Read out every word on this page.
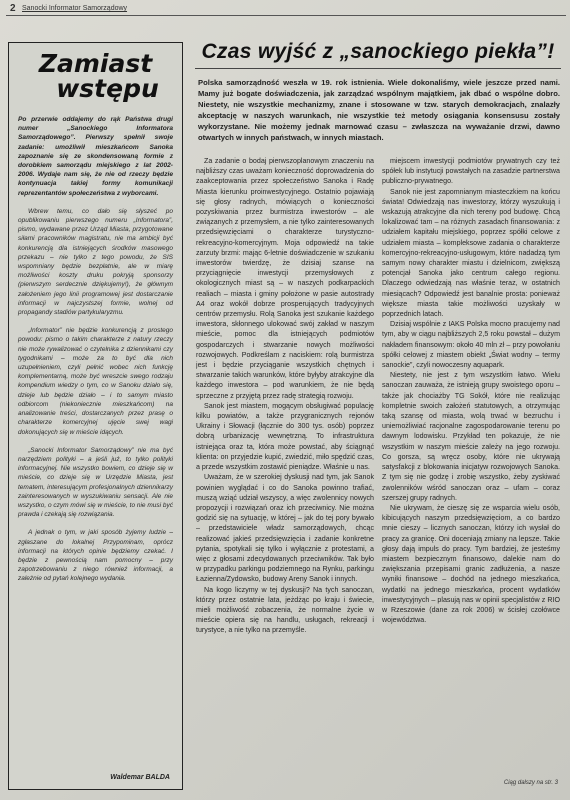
2 Sanocki Informator Samorządowy
Zamiast
wstępu
Po przerwie oddajemy do rąk Państwa drugi numer „Sanockiego Informatora Samorządowego”. Pierwszy spełnił swoje zadanie: umożliwił mieszkańcom Sanoka zapoznanie się ze skondensowaną formie z dorobkiem samorządu miejskiego z lat 2002-2006. Wydaje nam się, że nie od rzeczy będzie kontynuacja takiej formy komunikacji reprezentantów społeczeństwa z wyborcami.
Wbrew temu, co dało się słyszeć po opublikowaniu pierwszego numeru „Informatora”, pismo, wydawane przez Urząd Miasta, przygotowane siłami pracowników magistratu, nie ma ambicji być konkurencją dla istniejących środków masowego przekazu – nie tylko z tego powodu, że SIS wspomniany będzie bezpłatnie, ale w miarę możliwości koszty druku pokryją sponsorzy (pierwszym serdecznie dziękujemy!), że głównym założeniem jego linii programowej jest dostarczanie informacji w najczystszej formie, wolnej od propagandy stadiów partykularyzmu.
„Informator” nie będzie konkurencją z prostego powodu: pismo o takim charakterze z natury rzeczy nie może rywalizować o czytelnika z dziennikami czy tygodnikami – może za to być dla nich uzupełnieniem, czyli pełnić wobec nich funkcję komplementarną, może być wreszcie swego rodzaju kompendium wiedzy o tym, co w Sanoku działo się, dzieje lub będzie działo – i to samym miasto odbiorcom (niekoniecznie mieszkańcom) na analizowanie treści, dostarczanych przez prasę o charakterze komercyjnej ujęcie swej wagi dokonujących się w mieście idących.
„Sanocki Informator Samorządowy” nie ma być narzędziem polityki – a jeśli już, to tylko polityki informacyjnej. Nie wszystko bowiem, co dzieje się w mieście, co dzieje się w Urzędzie Miasta, jest tematem, interesującym profesjonalnych dziennikarzy zainteresowanych w wyszukiwaniu sensacji. Ale nie wszystko, o czym mówi się w mieście, to nie musi być prawda i czekają się rozwiązania.
A jednak o tym, w jaki sposób żyjemy ludzie – zgłaszane do lokalnej Przypominam, oprócz informacji na których opinie będziemy czekać. I będzie z pewnością nam pomocny – przy zapotrzebowaniu z niego również informacji, a zależnie od pytań kolejnego wydania.
Waldemar BALDA
Czas wyjść z „sanockiego piekła”!
Polska samorządność weszła w 19. rok istnienia. Wiele dokonaliśmy, wiele jeszcze przed nami. Mamy już bogate doświadczenia, jak zarządzać wspólnym majątkiem, jak dbać o wspólne dobro. Niestety, nie wszystkie mechanizmy, znane i stosowane w tzw. starych demokracjach, znalazły akceptację w naszych warunkach, nie wszystkie też metody osiągania konsensusu zostały wykorzystane. Nie możemy jednak marnować czasu – zwłaszcza na wyważanie drzwi, dawno otwartych w innych państwach, w innych miastach.

Za zadanie o bodaj pierwszoplanowym znaczeniu na najbliższy czas uważam konieczność doprowadzenia do zaakceptowania przez społeczeństwo Sanoka i Radę Miasta kierunku proinwestycyjnego. Ostatnio pojawiają się głosy radnych, mówiących o konieczności pozyskiwania przez burmistrza inwestorów – ale związanych z przemysłem, a nie tylko zainteresowanych przedsięwzięciami o charakterze turystyczno-rekreacyjno-komercyjnym. Moja odpowiedź na takie zarzuty brzmi: mając 6-letnie doświadczenie w szukaniu inwestorów twierdzę, że dzisiaj szanse na przyciągnięcie inwestycji przemysłowych z okologicznych miast są – w naszych podkarpackich realiach – miasta i gminy położone w pasie autostrady A4 oraz wokół dobrze prosperujących tradycyjnych centrów przemysłu. Rolą Sanoka jest szukanie każdego inwestora, skłonnego ulokować swój zakład w naszym mieście, pomoc dla istniejących podmiotów gospodarczych i stwarzanie nowych możliwości rozwojowych. Podkreślam z naciskiem: rolą burmistrza jest i będzie przyciąganie wszystkich chętnych i stwarzanie takich warunków, które byłyby atrakcyjne dla każdego inwestora – pod warunkiem, że nie będą sprzeczne z przyjętą przez radę strategią rozwoju.

Sanok jest miastem, mogącym obsługiwać populację kilku powiatów, a także przygranicznych rejonów Ukrainy i Słowacji (łącznie do 300 tys. osób) poprzez dobrą urbanizację wewnętrzną. To infrastruktura istniejąca oraz ta, która może powstać, aby ściągnąć klienta: on przyjedzie kupić, zwiedzić, miło spędzić czas, a przede wszystkim zostawić pieniądze. Właśnie u nas.

Uważam, że w szerokiej dyskusji nad tym, jak Sanok powinien wyglądać i co do Sanoka powinno trafiać, muszą wziąć udział wszyscy, a więc zwolennicy nowych propozycji i rozwiązań oraz ich przeciwnicy. Nie można godzić się na sytuację, w której – jak do tej pory bywało – przedstawiciele władz samorządowych, chcąc realizować jakieś przedsięwzięcia i zadanie konkretne pytania, spotykali się tylko i wyłącznie z protestami, a więc z głosami zdecydowanych przeciwników. Tak było w przypadku parkingu podziemnego na Rynku, parkingu Łazienna/Zydowsko, budowy Areny Sanok i innych.

Na kogo liczymy w tej dyskusji? Na tych sanoczan, którzy przez ostatnie lata, jeżdżąc po kraju i świecie, mieli możliwość zobaczenia, że normalne życie w mieście opiera się na handlu, usługach, rekreacji i turystyce, a nie tylko na przemyśle.

miejscem inwestycji podmiotów prywatnych czy też spółek lub instytucji powstałych na zasadzie partnerstwa publiczno-prywatnego.

Sanok nie jest zapomnianym miasteczkiem na końcu świata! Odwiedzają nas inwestorzy, którzy wyszukują i wskazują atrakcyjne dla nich tereny pod budowę. Chcą lokalizować tam – na różnych zasadach finansowania: z udziałem kapitału miejskiego, poprzez spółki celowe z udziałem miasta – kompleksowe zadania o charakterze komercyjno-rekreacyjno-usługowym, które nadadzą tym samym nowy charakter miastu i dzielnicom, zwiększą potencjał Sanoka jako centrum całego regionu. Dlaczego odwiedzają nas właśnie teraz, w ostatnich miesiącach? Odpowiedź jest banalnie prosta: ponieważ większe miasta takie możliwości uzyskały w poprzednich latach.

Dzisiaj wspólnie z IAKS Polska mocno pracujemy nad tym, aby w ciągu najbliższych 2,5 roku powstał – dużym nakładem finansowym: około 40 mln zł – przy powołaniu spółki celowej z miastem obiekt „Świat wodny – termy sanockie”, czyli nowoczesny aquapark.

Niestety, nie jest z tym wszystkim łatwo. Wielu sanoczan zauważa, że istnieją grupy swoistego oporu – także jak chociażby TG Sokół, które nie realizując kompletnie swoich założeń statutowych, a otrzymując taką szansę od miasta, wolą trwać w bezruchu i uniemożliwiać racjonalne zagospodarowanie terenu po dawnym lodowisku. Przykład ten pokazuje, że nie wszystkim w naszym mieście zależy na jego rozwoju. Co gorsza, są wręcz osoby, które nie ukrywają satysfakcji z blokowania inicjatyw rozwojowych Sanoka. Z tym się nie godzę i zrobię wszystko, żeby zyskiwać zwolenników wśród sanoczan oraz – ufam – coraz szerszej grupy radnych.

Nie ukrywam, że cieszę się ze wsparcia wielu osób, kibicujących naszym przedsięwzięciom, a co bardzo mnie cieszy – licznych sanoczan, którzy ich wysłał do pracy za granicę. Oni doceniają zmiany na lepsze. Takie głosy dają impuls do pracy. Tym bardziej, że jesteśmy miastem bezpiecznym finansowo, dalekie nam do zwiększania przepisami granic zadłużenia, a nasze wyniki finansowe – dochód na jednego mieszkańca, wydatki na jednego mieszkańca, procent wydatków inwestycyjnych – plasują nas w opinii specjalistów z RIO w Rzeszowie (dane za rok 2006) w ścisłej czołówce województwa.

Ciąg dalszy na str. 3
